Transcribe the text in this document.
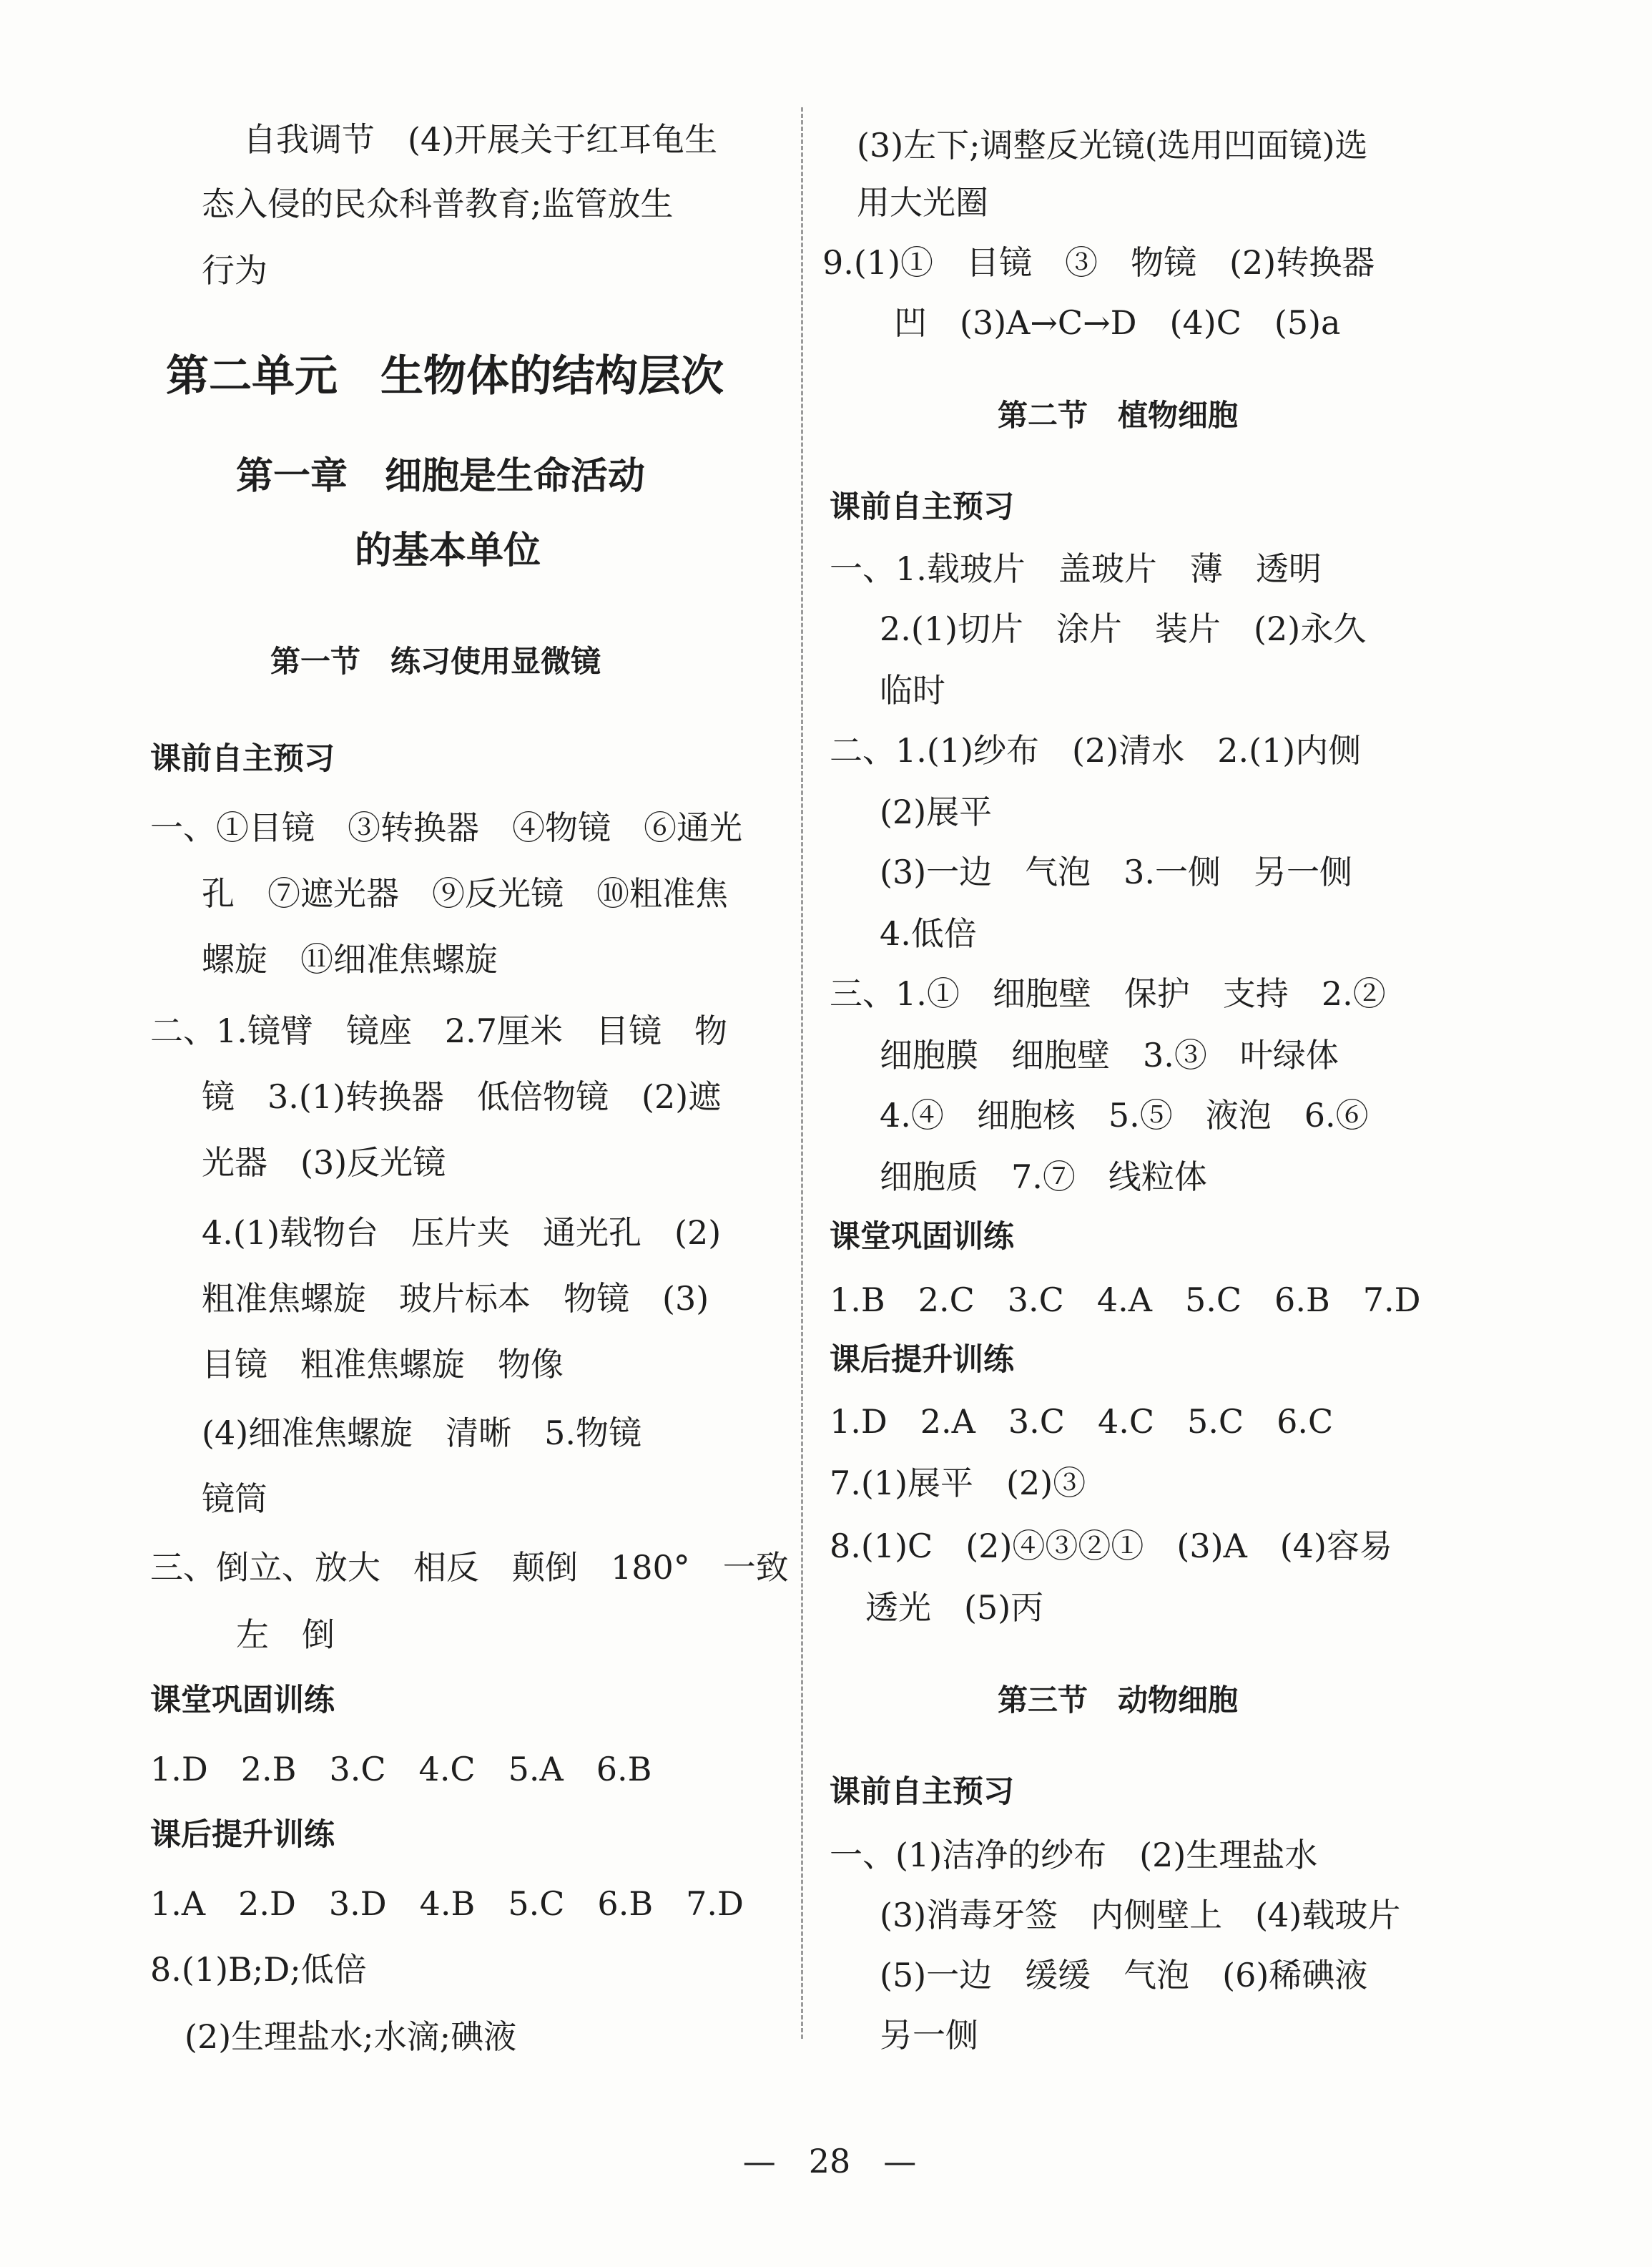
自我调节　(4)开展关于红耳龟生
态入侵的民众科普教育;监管放生
行为
第二单元　生物体的结构层次
第一章　细胞是生命活动
的基本单位
第一节　练习使用显微镜
课前自主预习
一、①目镜　③转换器　④物镜　⑥通光
孔　⑦遮光器　⑨反光镜　⑩粗准焦
螺旋　⑪细准焦螺旋
二、1.镜臂　镜座　2.7厘米　目镜　物
镜　3.(1)转换器　低倍物镜　(2)遮
光器　(3)反光镜
4.(1)载物台　压片夹　通光孔　(2)
粗准焦螺旋　玻片标本　物镜　(3)
目镜　粗准焦螺旋　物像
(4)细准焦螺旋　清晰　5.物镜
镜筒
三、倒立、放大　相反　颠倒　180°　一致
左　倒
课堂巩固训练
1.D　2.B　3.C　4.C　5.A　6.B
课后提升训练
1.A　2.D　3.D　4.B　5.C　6.B　7.D
8.(1)B;D;低倍
(2)生理盐水;水滴;碘液
(3)左下;调整反光镜(选用凹面镜)选
用大光圈
9.(1)①　目镜　③　物镜　(2)转换器
凹　(3)A→C→D　(4)C　(5)a
第二节　植物细胞
课前自主预习
一、1.载玻片　盖玻片　薄　透明
2.(1)切片　涂片　装片　(2)永久
临时
二、1.(1)纱布　(2)清水　2.(1)内侧
(2)展平
(3)一边　气泡　3.一侧　另一侧
4.低倍
三、1.①　细胞壁　保护　支持　2.②
细胞膜　细胞壁　3.③　叶绿体
4.④　细胞核　5.⑤　液泡　6.⑥
细胞质　7.⑦　线粒体
课堂巩固训练
1.B　2.C　3.C　4.A　5.C　6.B　7.D
课后提升训练
1.D　2.A　3.C　4.C　5.C　6.C
7.(1)展平　(2)③
8.(1)C　(2)④③②①　(3)A　(4)容易
透光　(5)丙
第三节　动物细胞
课前自主预习
一、(1)洁净的纱布　(2)生理盐水
(3)消毒牙签　内侧壁上　(4)载玻片
(5)一边　缓缓　气泡　(6)稀碘液
另一侧
—　28　—
